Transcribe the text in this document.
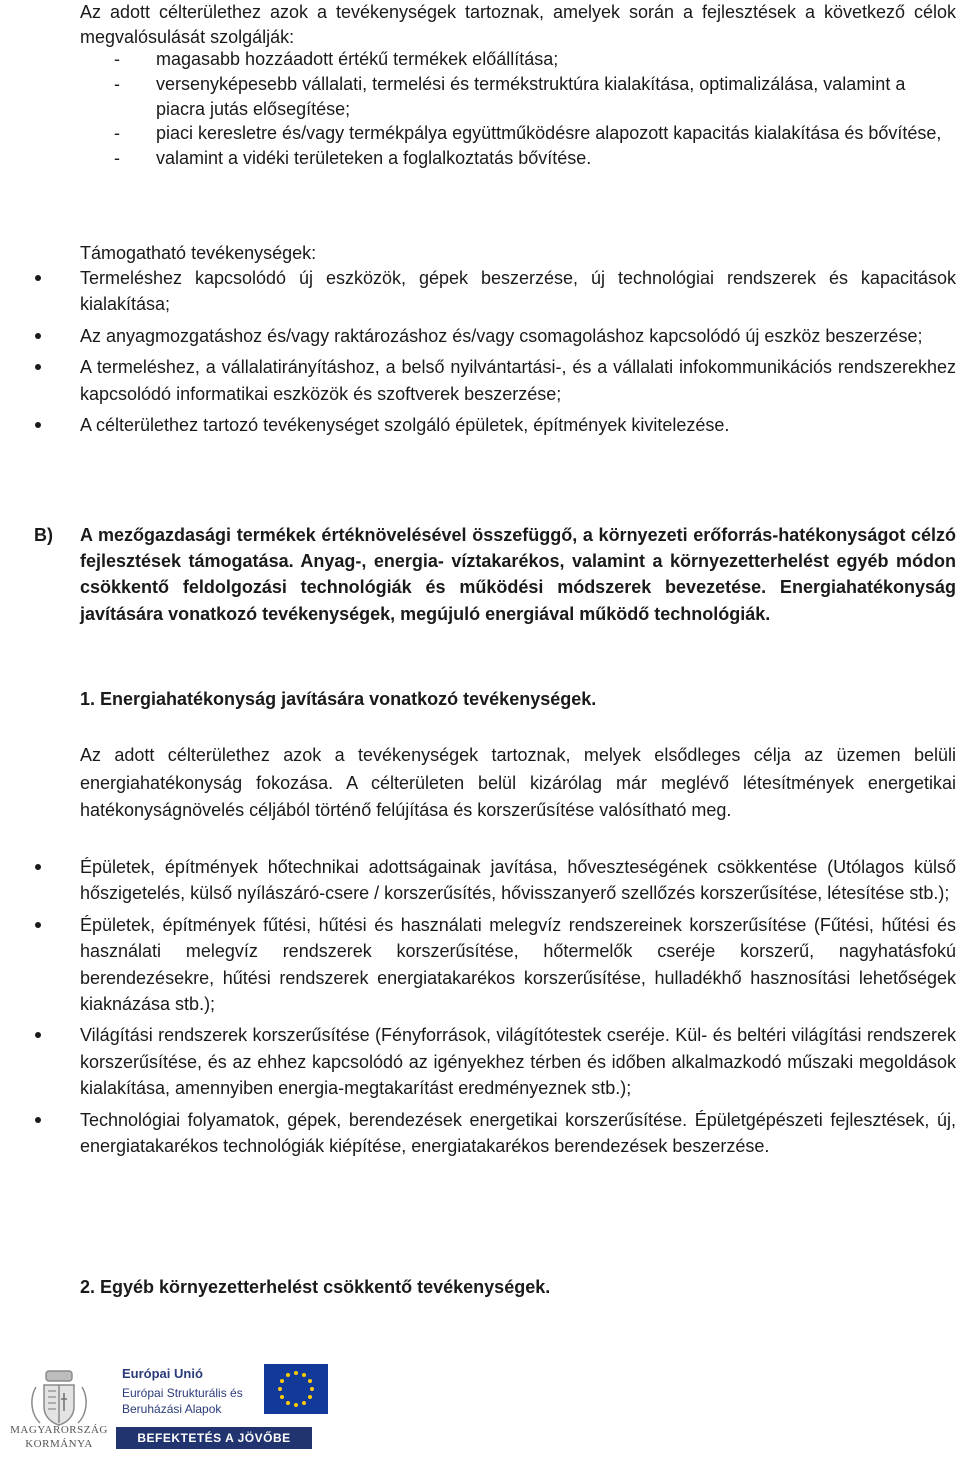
Az adott célterülethez azok a tevékenységek tartoznak, amelyek során a fejlesztések a következő célok megvalósulását szolgálják:

- magasabb hozzáadott értékű termékek előállítása;
- versenyképesebb vállalati, termelési és termékstruktúra kialakítása, optimalizálása, valamint a piacra jutás elősegítése;
- piaci keresletre és/vagy termékpálya együttműködésre alapozott kapacitás kialakítása és bővítése,
- valamint a vidéki területeken a foglalkoztatás bővítése.
Támogatható tevékenységek:
Termeléshez kapcsolódó új eszközök, gépek beszerzése, új technológiai rendszerek és kapacitások kialakítása;
Az anyagmozgatáshoz és/vagy raktározáshoz és/vagy csomagoláshoz kapcsolódó új eszköz beszerzése;
A termeléshez, a vállalatirányításhoz, a belső nyilvántartási-, és a vállalati infokommunikációs rendszerekhez kapcsolódó informatikai eszközök és szoftverek beszerzése;
A célterülethez tartozó tevékenységet szolgáló épületek, építmények kivitelezése.
B) A mezőgazdasági termékek értéknövelésével összefüggő, a környezeti erőforrás-hatékonyságot célzó fejlesztések támogatása. Anyag-, energia- víztakarékos, valamint a környezetterhelést egyéb módon csökkentő feldolgozási technológiák és működési módszerek bevezetése. Energiahatékonyság javítására vonatkozó tevékenységek, megújuló energiával működő technológiák.
1. Energiahatékonyság javítására vonatkozó tevékenységek.

Az adott célterülethez azok a tevékenységek tartoznak, melyek elsődleges célja az üzemen belüli energiahatékonyság fokozása. A célterületen belül kizárólag már meglévő létesítmények energetikai hatékonyságnövelés céljából történő felújítása és korszerűsítése valósítható meg.

Épületek, építmények hőtechnikai adottságainak javítása, hőveszteségének csökkentése (Utólagos külső hőszigetelés, külső nyílászáró-csere / korszerűsítés, hővisszanyerő szellőzés korszerűsítése, létesítése stb.);
Épületek, építmények fűtési, hűtési és használati melegvíz rendszereinek korszerűsítése (Fűtési, hűtési és használati melegvíz rendszerek korszerűsítése, hőtermelők cseréje korszerű, nagyhatásfokú berendezésekre, hűtési rendszerek energiatakarékos korszerűsítése, hulladékhő hasznosítási lehetőségek kiaknázása stb.);
Világítási rendszerek korszerűsítése (Fényforrások, világítótestek cseréje. Kül- és beltéri világítási rendszerek korszerűsítése, és az ehhez kapcsolódó az igényekhez térben és időben alkalmazkodó műszaki megoldások kialakítása, amennyiben energia-megtakarítást eredményeznek stb.);
Technológiai folyamatok, gépek, berendezések energetikai korszerűsítése. Épületgépészeti fejlesztések, új, energiatakarékos technológiák kiépítése, energiatakarékos berendezések beszerzése.
2. Egyéb környezetterhelést csökkentő tevékenységek.
MAGYARORSZÁG
KORMÁNYA
Európai Unió
Európai Strukturális és Beruházási Alapok
BEFEKTETÉS A JÖVŐBE
